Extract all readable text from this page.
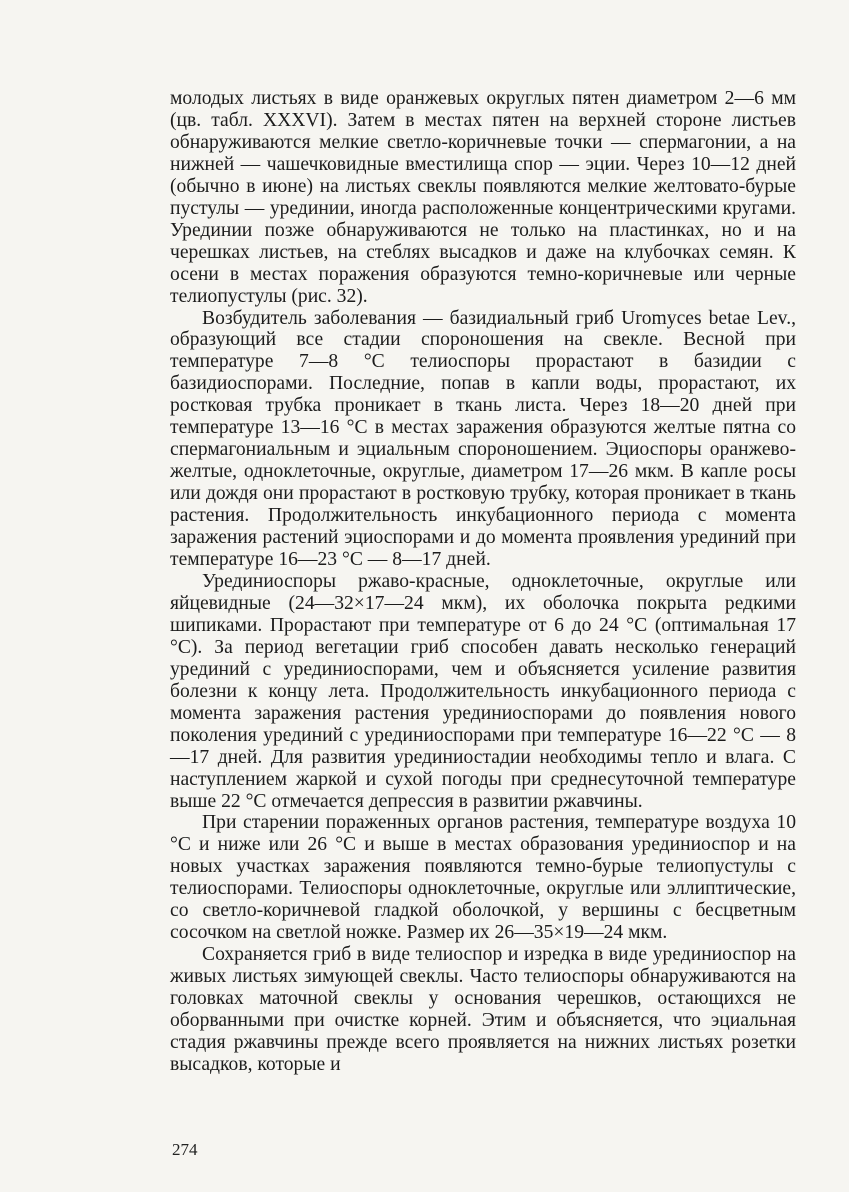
молодых листьях в виде оранжевых округлых пятен диаметром 2—6 мм (цв. табл. XXXVI). Затем в местах пятен на верхней стороне листьев обнаруживаются мелкие светло-коричневые точки — спермагонии, а на нижней — чашечковидные вместилища спор — эции. Через 10—12 дней (обычно в июне) на листьях свеклы появляются мелкие желтовато-бурые пустулы — урединии, иногда расположенные концентрическими кругами. Урединии позже обнаруживаются не только на пластинках, но и на черешках листьев, на стеблях высадков и даже на клубочках семян. К осени в местах поражения образуются темно-коричневые или черные телиопустулы (рис. 32).

Возбудитель заболевания — базидиальный гриб Uromyces betae Lev., образующий все стадии спороношения на свекле. Весной при температуре 7—8 °С телиоспоры прорастают в базидии с базидиоспорами. Последние, попав в капли воды, прорастают, их ростковая трубка проникает в ткань листа. Через 18—20 дней при температуре 13—16 °С в местах заражения образуются желтые пятна со спермагониальным и эциальным спороношением. Эциоспоры оранжево-желтые, одноклеточные, округлые, диаметром 17—26 мкм. В капле росы или дождя они прорастают в ростковую трубку, которая проникает в ткань растения. Продолжительность инкубационного периода с момента заражения растений эциоспорами и до момента проявления урединий при температуре 16—23 °С — 8—17 дней.

Урединиоспоры ржаво-красные, одноклеточные, округлые или яйцевидные (24—32×17—24 мкм), их оболочка покрыта редкими шипиками. Прорастают при температуре от 6 до 24 °С (оптимальная 17 °С). За период вегетации гриб способен давать несколько генераций урединий с урединиоспорами, чем и объясняется усиление развития болезни к концу лета. Продолжительность инкубационного периода с момента заражения растения урединиоспорами до появления нового поколения урединий с урединиоспорами при температуре 16—22 °С — 8—17 дней. Для развития урединиостадии необходимы тепло и влага. С наступлением жаркой и сухой погоды при среднесуточной температуре выше 22 °С отмечается депрессия в развитии ржавчины.

При старении пораженных органов растения, температуре воздуха 10 °С и ниже или 26 °С и выше в местах образования урединиоспор и на новых участках заражения появляются темно-бурые телиопустулы с телиоспорами. Телиоспоры одноклеточные, округлые или эллиптические, со светло-коричневой гладкой оболочкой, у вершины с бесцветным сосочком на светлой ножке. Размер их 26—35×19—24 мкм.

Сохраняется гриб в виде телиоспор и изредка в виде урединиоспор на живых листьях зимующей свеклы. Часто телиоспоры обнаруживаются на головках маточной свеклы у основания черешков, остающихся не оборванными при очистке корней. Этим и объясняется, что эциальная стадия ржавчины прежде всего проявляется на нижних листьях розетки высадков, которые и

274
